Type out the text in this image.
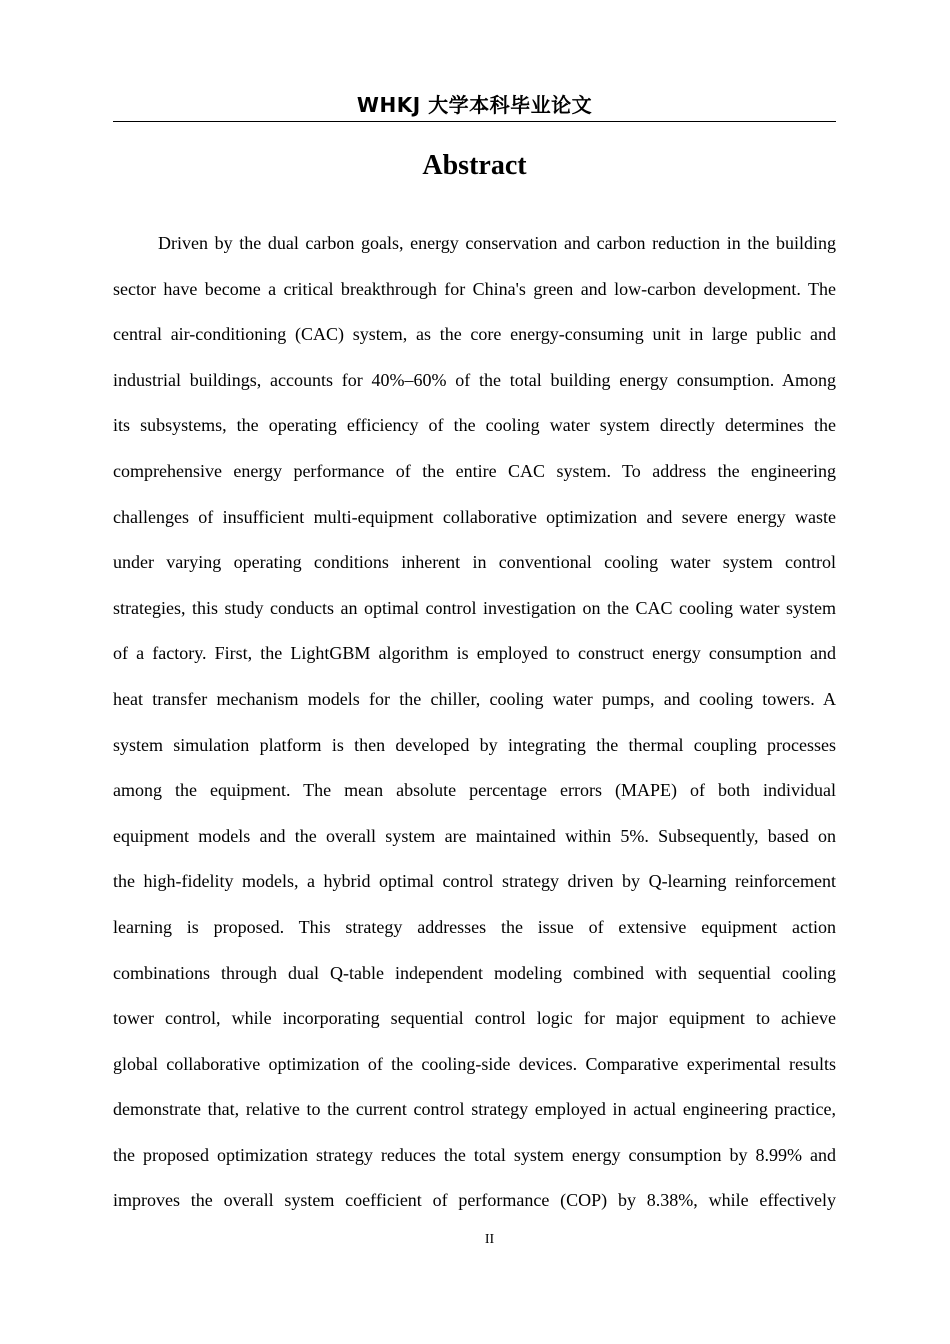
WHKJ 大学本科毕业论文
Abstract
Driven by the dual carbon goals, energy conservation and carbon reduction in the building
sector have become a critical breakthrough for China's green and low-carbon development. The
central air-conditioning (CAC) system, as the core energy-consuming unit in large public and
industrial buildings, accounts for 40%–60% of the total building energy consumption. Among
its subsystems, the operating efficiency of the cooling water system directly determines the
comprehensive energy performance of the entire CAC system. To address the engineering
challenges of insufficient multi-equipment collaborative optimization and severe energy waste
under varying operating conditions inherent in conventional cooling water system control
strategies, this study conducts an optimal control investigation on the CAC cooling water system
of a factory. First, the LightGBM algorithm is employed to construct energy consumption and
heat transfer mechanism models for the chiller, cooling water pumps, and cooling towers. A
system simulation platform is then developed by integrating the thermal coupling processes
among the equipment. The mean absolute percentage errors (MAPE) of both individual
equipment models and the overall system are maintained within 5%. Subsequently, based on
the high-fidelity models, a hybrid optimal control strategy driven by Q-learning reinforcement
learning is proposed. This strategy addresses the issue of extensive equipment action
combinations through dual Q-table independent modeling combined with sequential cooling
tower control, while incorporating sequential control logic for major equipment to achieve
global collaborative optimization of the cooling-side devices. Comparative experimental results
demonstrate that, relative to the current control strategy employed in actual engineering practice,
the proposed optimization strategy reduces the total system energy consumption by 8.99% and
improves the overall system coefficient of performance (COP) by 8.38%, while effectively
II
